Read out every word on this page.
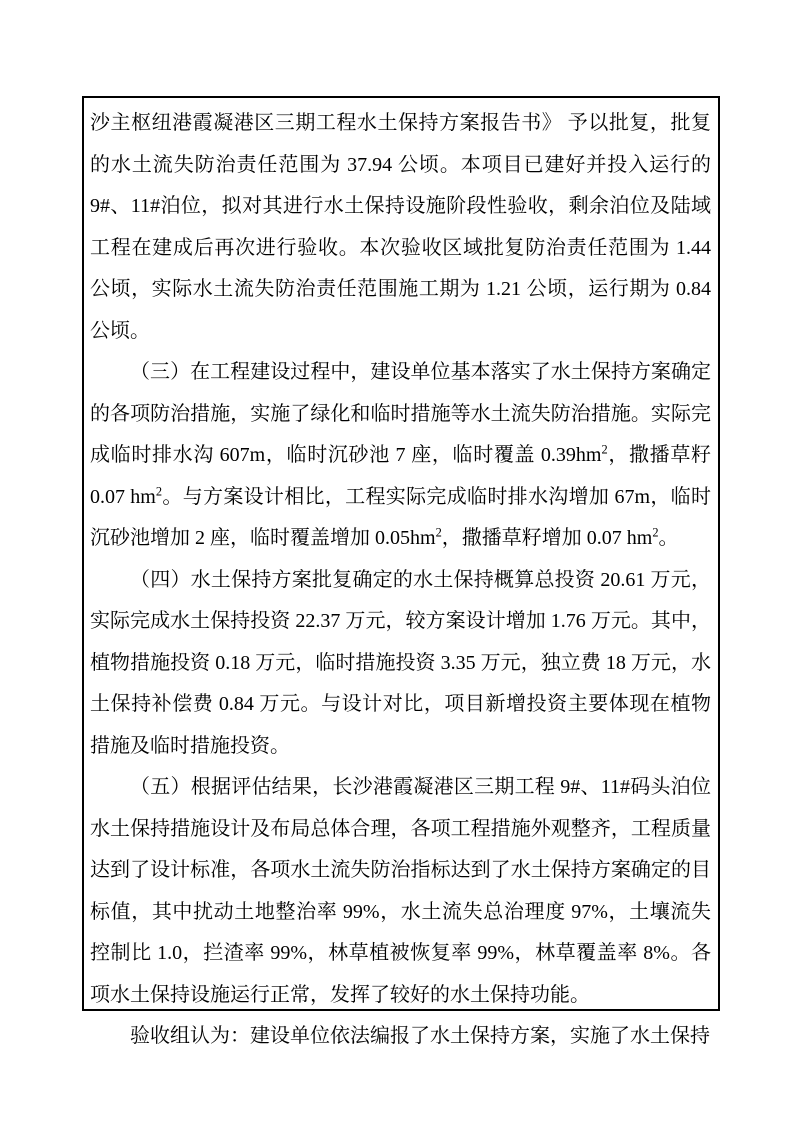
沙主枢纽港霞凝港区三期工程水土保持方案报告书》 予以批复，批复的水土流失防治责任范围为 37.94 公顷。本项目已建好并投入运行的 9#、11#泊位，拟对其进行水土保持设施阶段性验收，剩余泊位及陆域工程在建成后再次进行验收。本次验收区域批复防治责任范围为 1.44 公顷，实际水土流失防治责任范围施工期为 1.21 公顷，运行期为 0.84 公顷。

（三）在工程建设过程中，建设单位基本落实了水土保持方案确定的各项防治措施，实施了绿化和临时措施等水土流失防治措施。实际完成临时排水沟 607m，临时沉砂池 7 座，临时覆盖 $0.39hm^2$，撒播草籽 0.07 $hm^2$。与方案设计相比，工程实际完成临时排水沟增加 67m，临时沉砂池增加 2 座，临时覆盖增加 $0.05hm^2$，撒播草籽增加 0.07 $hm^2$。

（四）水土保持方案批复确定的水土保持概算总投资 20.61 万元，实际完成水土保持投资 22.37 万元，较方案设计增加 1.76 万元。其中，植物措施投资 0.18 万元，临时措施投资 3.35 万元，独立费 18 万元，水土保持补偿费 0.84 万元。与设计对比，项目新增投资主要体现在植物措施及临时措施投资。

（五）根据评估结果，长沙港霞凝港区三期工程 9#、11#码头泊位水土保持措施设计及布局总体合理，各项工程措施外观整齐，工程质量达到了设计标准，各项水土流失防治指标达到了水土保持方案确定的目标值，其中扰动土地整治率 99%，水土流失总治理度 97%，土壤流失控制比 1.0，拦渣率 99%，林草植被恢复率 99%，林草覆盖率 8%。各项水土保持设施运行正常，发挥了较好的水土保持功能。

验收组认为：建设单位依法编报了水土保持方案，实施了水土保持
